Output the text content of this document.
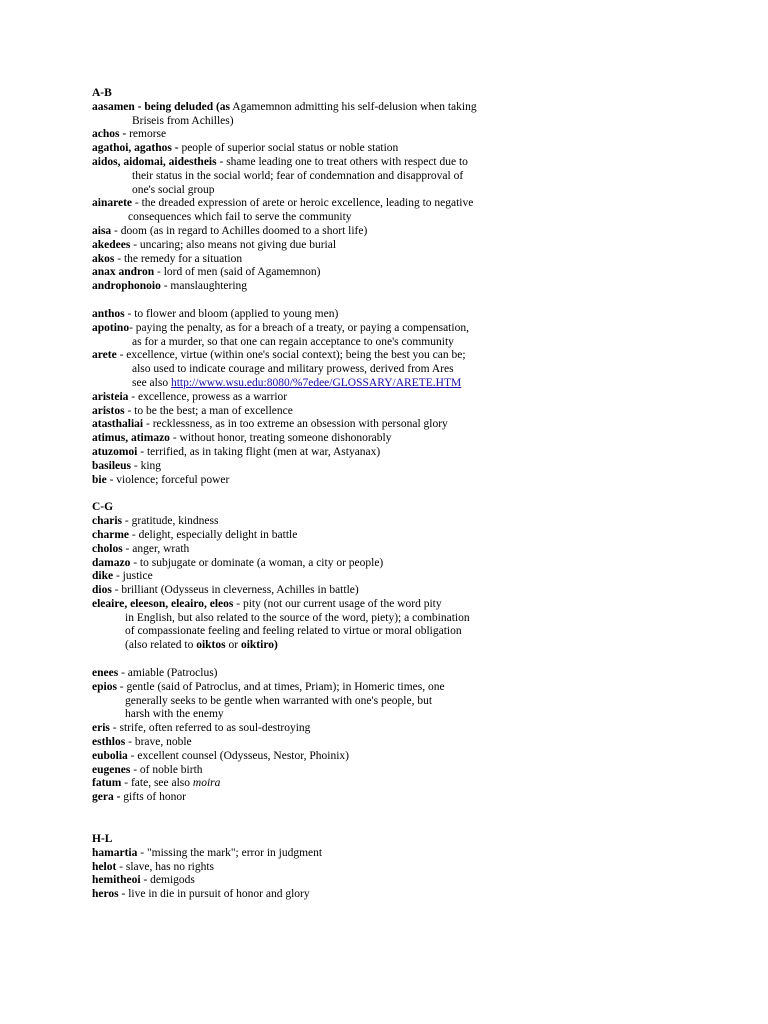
A-B
aasamen - being deluded (as Agamemnon admitting his self-delusion when taking
Briseis from Achilles)
achos - remorse
agathoi, agathos - people of superior social status or noble station
aidos, aidomai, aidestheis - shame leading one to treat others with respect due to
their status in the social world; fear of condemnation and disapproval of
one's social group
ainarete - the dreaded expression of arete or heroic excellence, leading to negative
consequences which fail to serve the community
aisa - doom (as in regard to Achilles doomed to a short life)
akedees - uncaring; also means not giving due burial
akos - the remedy for a situation
anax andron - lord of men (said of Agamemnon)
androphonoio - manslaughtering
anthos - to flower and bloom (applied to young men)
apotino- paying the penalty, as for a breach of a treaty, or paying a compensation,
as for a murder, so that one can regain acceptance to one's community
arete - excellence, virtue (within one's social context); being the best you can be;
also used to indicate courage and military prowess, derived from Ares
see also http://www.wsu.edu:8080/%7edee/GLOSSARY/ARETE.HTM
aristeia - excellence, prowess as a warrior
aristos - to be the best; a man of excellence
atasthaliai - recklessness, as in too extreme an obsession with personal glory
atimus, atimazo - without honor, treating someone dishonorably
atuzomoi - terrified, as in taking flight (men at war, Astyanax)
basileus - king
bie - violence; forceful power
C-G
charis - gratitude, kindness
charme - delight, especially delight in battle
cholos - anger, wrath
damazo - to subjugate or dominate (a woman, a city or people)
dike - justice
dios - brilliant (Odysseus in cleverness, Achilles in battle)
eleaire, eleeson, eleairo, eleos - pity (not our current usage of the word pity
in English, but also related to the source of the word, piety); a combination
of compassionate feeling and feeling related to virtue or moral obligation
(also related to oiktos or oiktiro)
enees - amiable (Patroclus)
epios - gentle (said of Patroclus, and at times, Priam); in Homeric times, one
generally seeks to be gentle when warranted with one's people, but
harsh with the enemy
eris - strife, often referred to as soul-destroying
esthlos - brave, noble
eubolia - excellent counsel (Odysseus, Nestor, Phoinix)
eugenes - of noble birth
fatum - fate, see also moira
gera - gifts of honor
H-L
hamartia - "missing the mark"; error in judgment
helot - slave, has no rights
hemitheoi - demigods
heros - live in die in pursuit of honor and glory
